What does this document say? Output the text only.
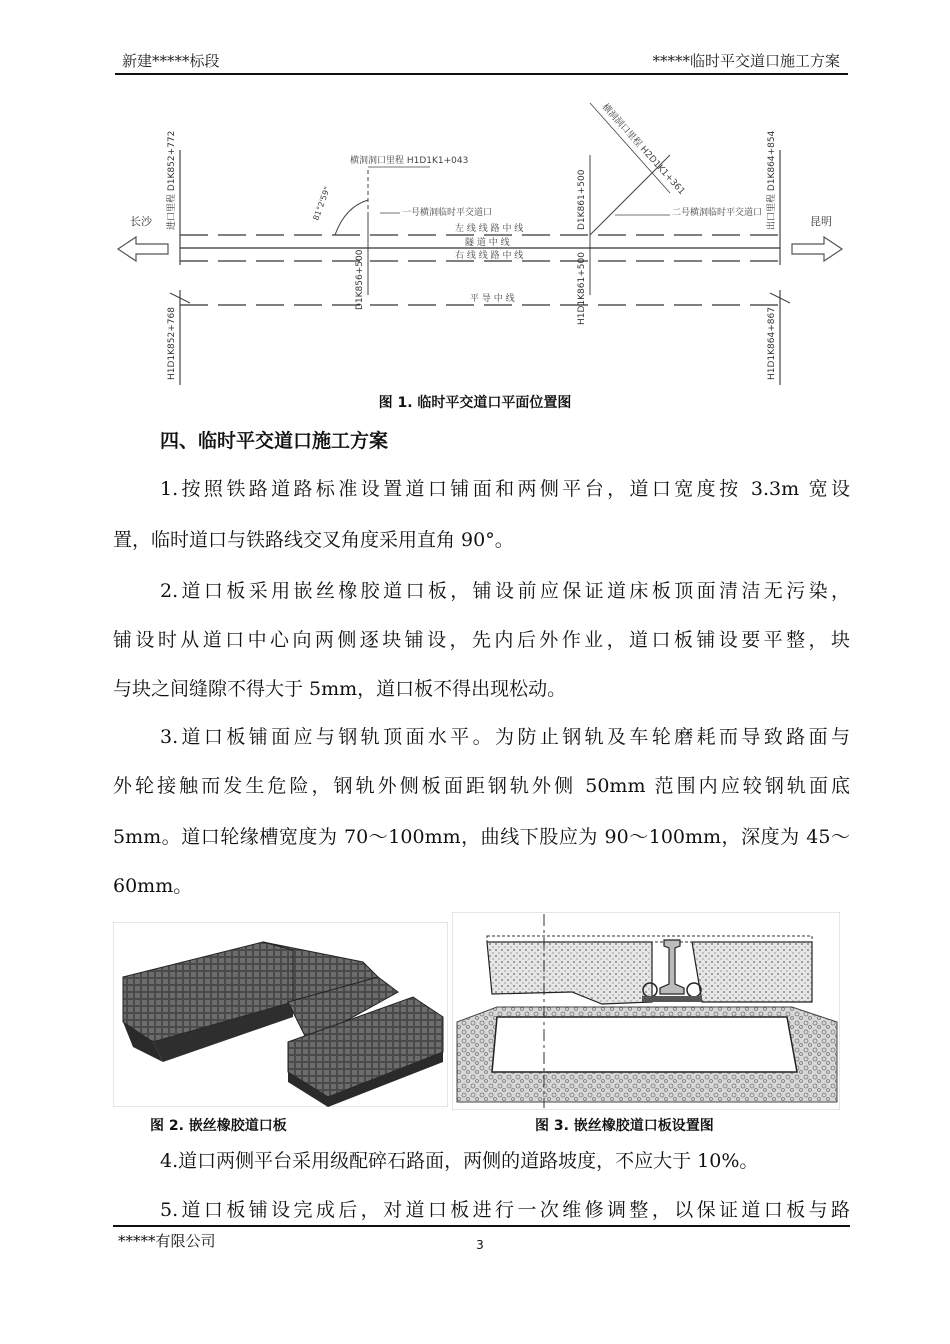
新建*****标段	*****临时平交道口施工方案
长沙	昆明
左 线 线 路 中 线
隧 道 中 线
右 线 线 路 中 线
平 导 中 线
横洞洞口里程 H1D1K1+043
一号横洞临时平交道口
81°2'59"	二号横洞临时平交道口
横洞洞口里程 H2D1K1+361
进口里程 D1K852+772
H1D1K852+768
D1K856+500
D1K861+500
H1D1K861+500
出口里程 D1K864+854
H1D1K864+867
图 1. 临时平交道口平面位置图
四、临时平交道口施工方案
1.按照铁路道路标准设置道口铺面和两侧平台，道口宽度按 3.3m 宽设
置，临时道口与铁路线交叉角度采用直角 90°。
2.道口板采用嵌丝橡胶道口板，铺设前应保证道床板顶面清洁无污染，
铺设时从道口中心向两侧逐块铺设，先内后外作业，道口板铺设要平整，块
与块之间缝隙不得大于 5mm，道口板不得出现松动。
3.道口板铺面应与钢轨顶面水平。为防止钢轨及车轮磨耗而导致路面与
外轮接触而发生危险，钢轨外侧板面距钢轨外侧 50mm 范围内应较钢轨面底
5mm。道口轮缘槽宽度为 70～100mm，曲线下股应为 90～100mm，深度为 45～
60mm。
图 2. 嵌丝橡胶道口板	图 3. 嵌丝橡胶道口板设置图
4.道口两侧平台采用级配碎石路面，两侧的道路坡度，不应大于 10%。
5.道口板铺设完成后，对道口板进行一次维修调整，以保证道口板与路
*****有限公司	3
